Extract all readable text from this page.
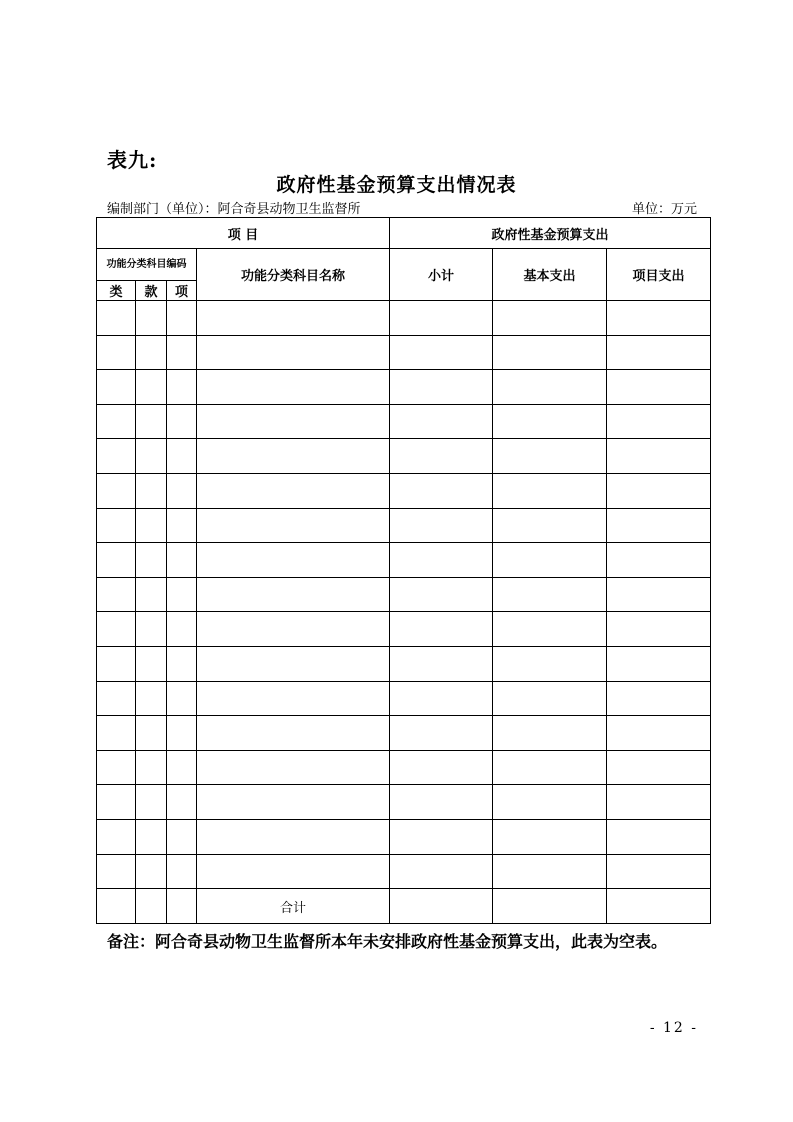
表九:
政府性基金预算支出情况表
编制部门（单位）：阿合奇县动物卫生监督所	单位：万元
项 目				政府性基金预算支出		
功能分类科目编码			功能分类科目名称	小计	基本支出	项目支出
类	款	项				

			合计			
备注：阿合奇县动物卫生监督所本年未安排政府性基金预算支出，此表为空表。
- 12 -
